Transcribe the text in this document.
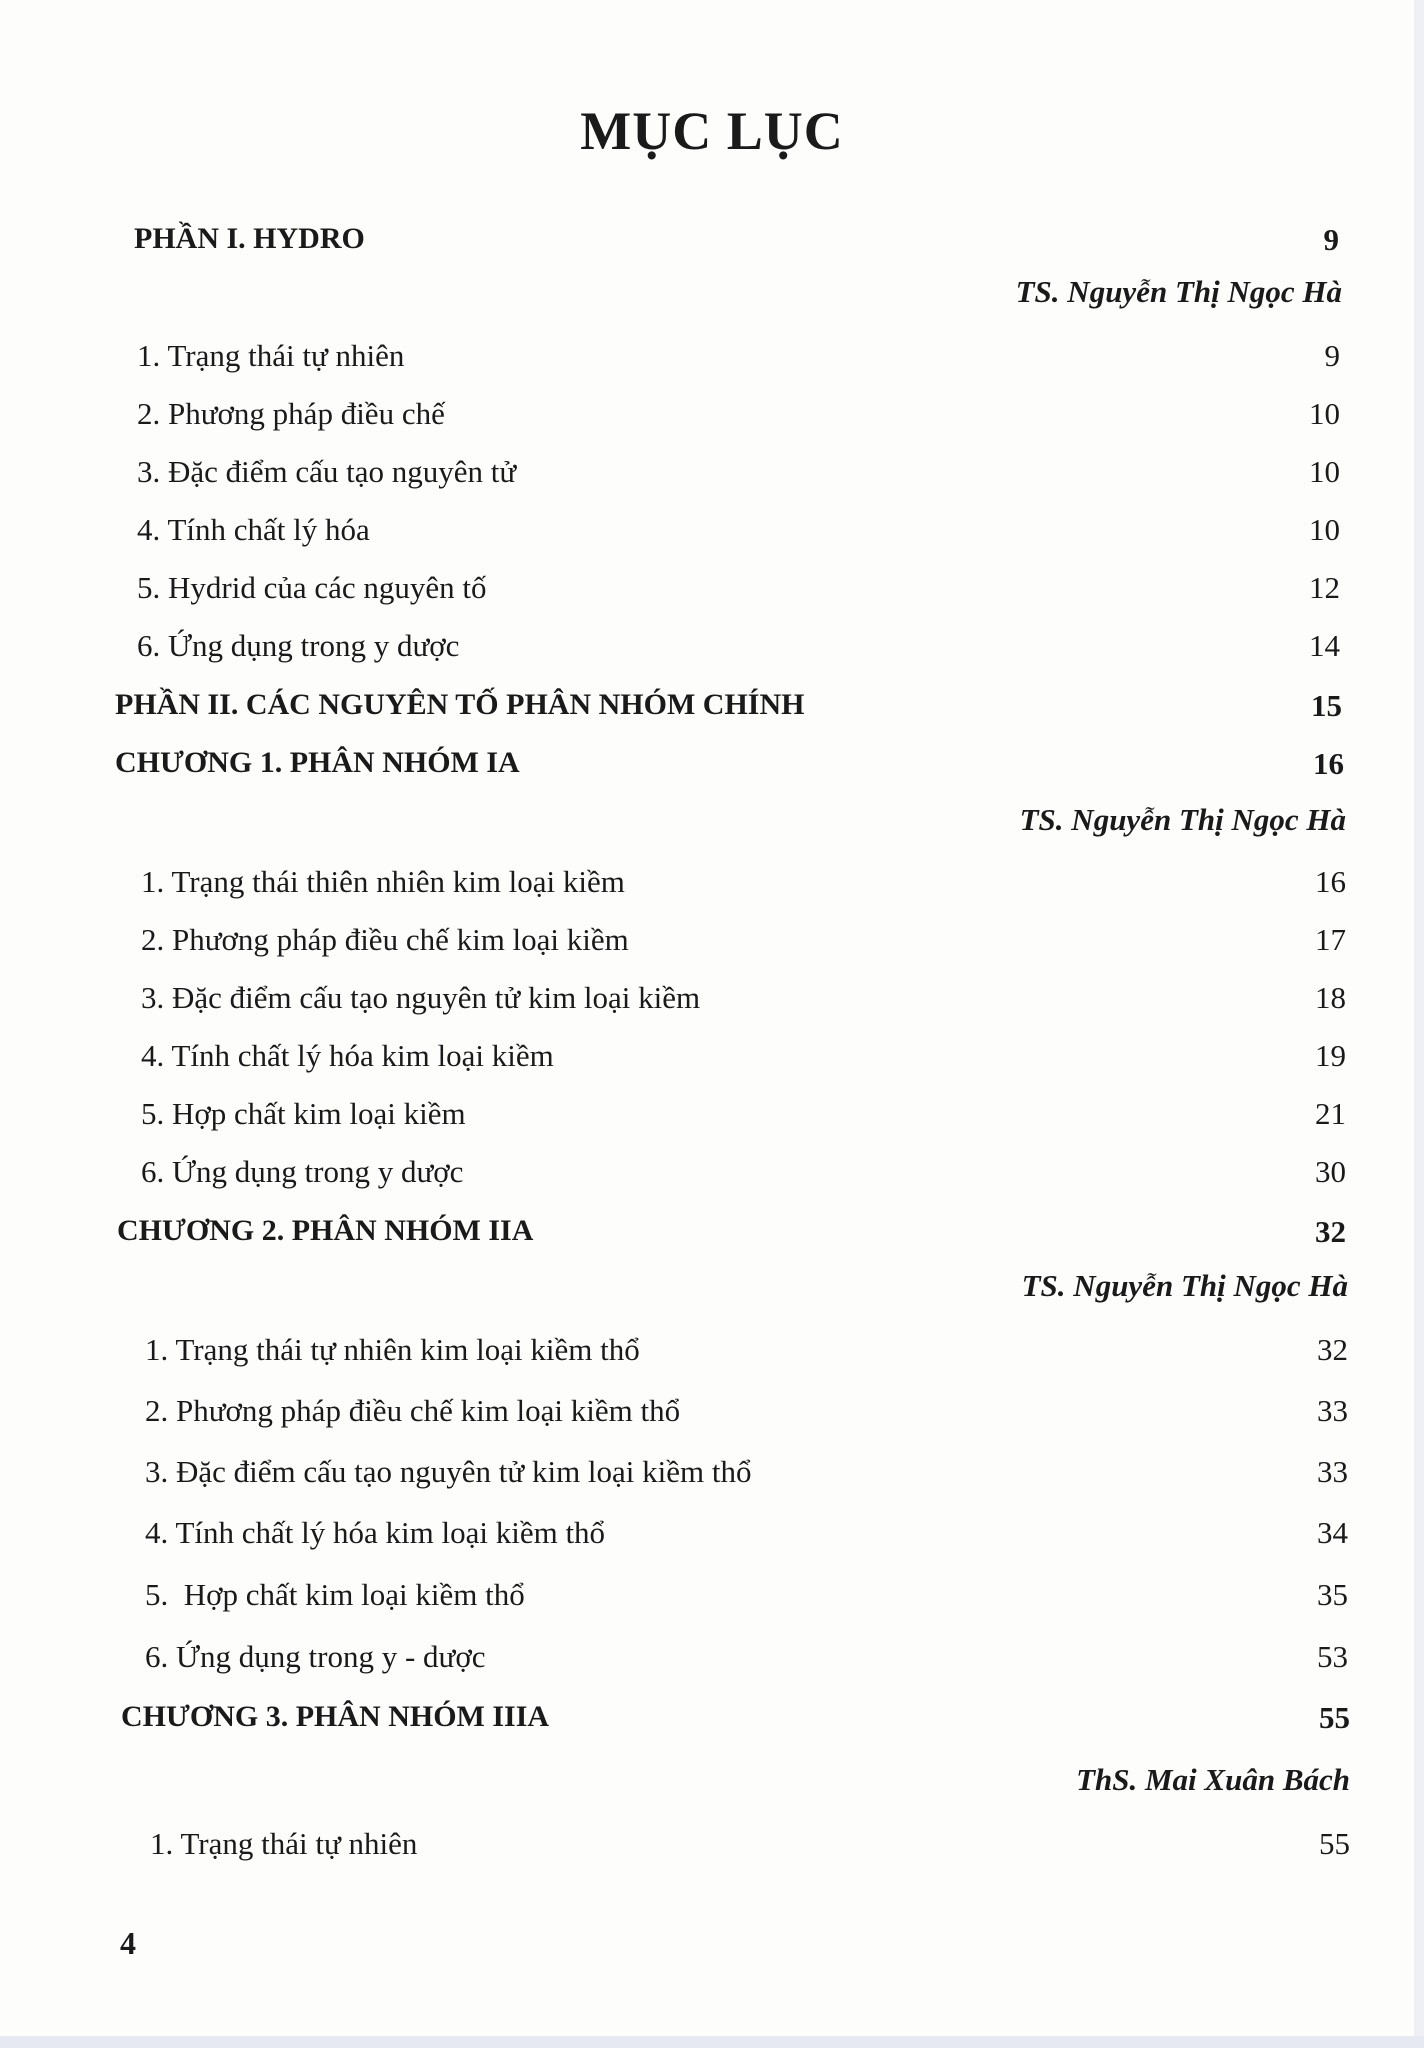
MỤC LỤC
PHẦN I. HYDRO	9
TS. Nguyễn Thị Ngọc Hà
1. Trạng thái tự nhiên	9
2. Phương pháp điều chế	10
3. Đặc điểm cấu tạo nguyên tử	10
4. Tính chất lý hóa	10
5. Hydrid của các nguyên tố	12
6. Ứng dụng trong y dược	14
PHẦN II. CÁC NGUYÊN TỐ PHÂN NHÓM CHÍNH	15
CHƯƠNG 1. PHÂN NHÓM IA	16
TS. Nguyễn Thị Ngọc Hà
1. Trạng thái thiên nhiên kim loại kiềm	16
2. Phương pháp điều chế kim loại kiềm	17
3. Đặc điểm cấu tạo nguyên tử kim loại kiềm	18
4. Tính chất lý hóa kim loại kiềm	19
5. Hợp chất kim loại kiềm	21
6. Ứng dụng trong y dược	30
CHƯƠNG 2. PHÂN NHÓM IIA	32
TS. Nguyễn Thị Ngọc Hà
1. Trạng thái tự nhiên kim loại kiềm thổ	32
2. Phương pháp điều chế kim loại kiềm thổ	33
3. Đặc điểm cấu tạo nguyên tử kim loại kiềm thổ	33
4. Tính chất lý hóa kim loại kiềm thổ	34
5.  Hợp chất kim loại kiềm thổ	35
6. Ứng dụng trong y - dược	53
CHƯƠNG 3. PHÂN NHÓM IIIA	55
ThS. Mai Xuân Bách
1. Trạng thái tự nhiên	55
4
